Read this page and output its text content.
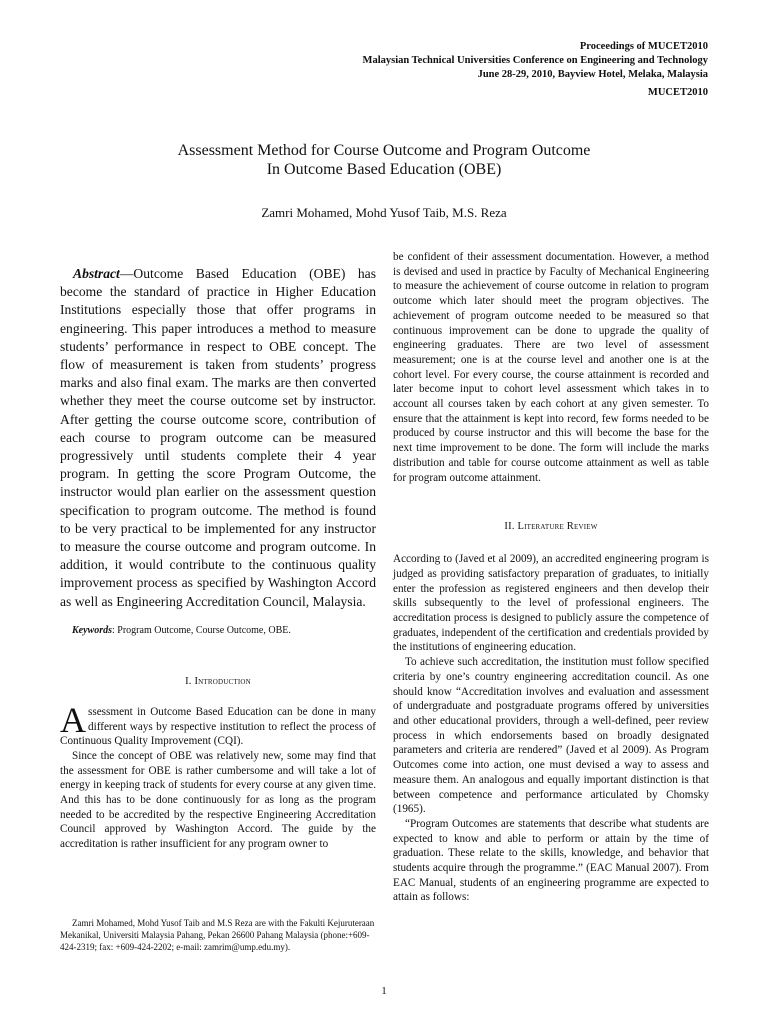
Proceedings of MUCET2010
Malaysian Technical Universities Conference on Engineering and Technology
June 28-29, 2010, Bayview Hotel, Melaka, Malaysia
MUCET2010
Assessment Method for Course Outcome and Program Outcome
In Outcome Based Education (OBE)
Zamri Mohamed, Mohd Yusof Taib, M.S. Reza

Abstract—Outcome Based Education (OBE) has become the standard of practice in Higher Education Institutions especially those that offer programs in engineering. This paper introduces a method to measure students’ performance in respect to OBE concept. The flow of measurement is taken from students’ progress marks and also final exam. The marks are then converted whether they meet the course outcome set by instructor. After getting the course outcome score, contribution of each course to program outcome can be measured progressively until students complete their 4 year program. In getting the score Program Outcome, the instructor would plan earlier on the assessment question specification to program outcome. The method is found to be very practical to be implemented for any instructor to measure the course outcome and program outcome. In addition, it would contribute to the continuous quality improvement process as specified by Washington Accord as well as Engineering Accreditation Council, Malaysia.

Keywords: Program Outcome, Course Outcome, OBE.

I. Introduction

Assessment in Outcome Based Education can be done in many different ways by respective institution to reflect the process of Continuous Quality Improvement (CQI).

Since the concept of OBE was relatively new, some may find that the assessment for OBE is rather cumbersome and will take a lot of energy in keeping track of students for every course at any given time. And this has to be done continuously for as long as the program needed to be accredited by the respective Engineering Accreditation Council approved by Washington Accord. The guide by the accreditation is rather insufficient for any program owner to

Zamri Mohamed, Mohd Yusof Taib and M.S Reza are with the Fakulti Kejuruteraan Mekanikal, Universiti Malaysia Pahang, Pekan 26600 Pahang Malaysia (phone:+609-424-2319; fax: +609-424-2202; e-mail: zamrim@ump.edu.my).

be confident of their assessment documentation. However, a method is devised and used in practice by Faculty of Mechanical Engineering to measure the achievement of course outcome in relation to program outcome which later should meet the program objectives. The achievement of program outcome needed to be measured so that continuous improvement can be done to upgrade the quality of engineering graduates. There are two level of assessment measurement; one is at the course level and another one is at the cohort level. For every course, the course attainment is recorded and later become input to cohort level assessment which takes in to account all courses taken by each cohort at any given semester. To ensure that the attainment is kept into record, few forms needed to be produced by course instructor and this will become the base for the next time improvement to be done. The form will include the marks distribution and table for course outcome attainment as well as table for program outcome attainment.

II. Literature Review

According to (Javed et al 2009), an accredited engineering program is judged as providing satisfactory preparation of graduates, to initially enter the profession as registered engineers and then develop their skills subsequently to the level of professional engineers. The accreditation process is designed to publicly assure the competence of graduates, independent of the certification and credentials provided by the institutions of engineering education.

To achieve such accreditation, the institution must follow specified criteria by one’s country engineering accreditation council. As one should know “Accreditation involves and evaluation and assessment of undergraduate and postgraduate programs offered by universities and other educational providers, through a well-defined, peer review process in which endorsements based on broadly designated parameters and criteria are rendered” (Javed et al 2009). As Program Outcomes come into action, one must devised a way to assess and measure them. An analogous and equally important distinction is that between competence and performance articulated by Chomsky (1965).

“Program Outcomes are statements that describe what students are expected to know and able to perform or attain by the time of graduation. These relate to the skills, knowledge, and behavior that students acquire through the programme.” (EAC Manual 2007). From EAC Manual, students of an engineering programme are expected to attain as follows:

1
